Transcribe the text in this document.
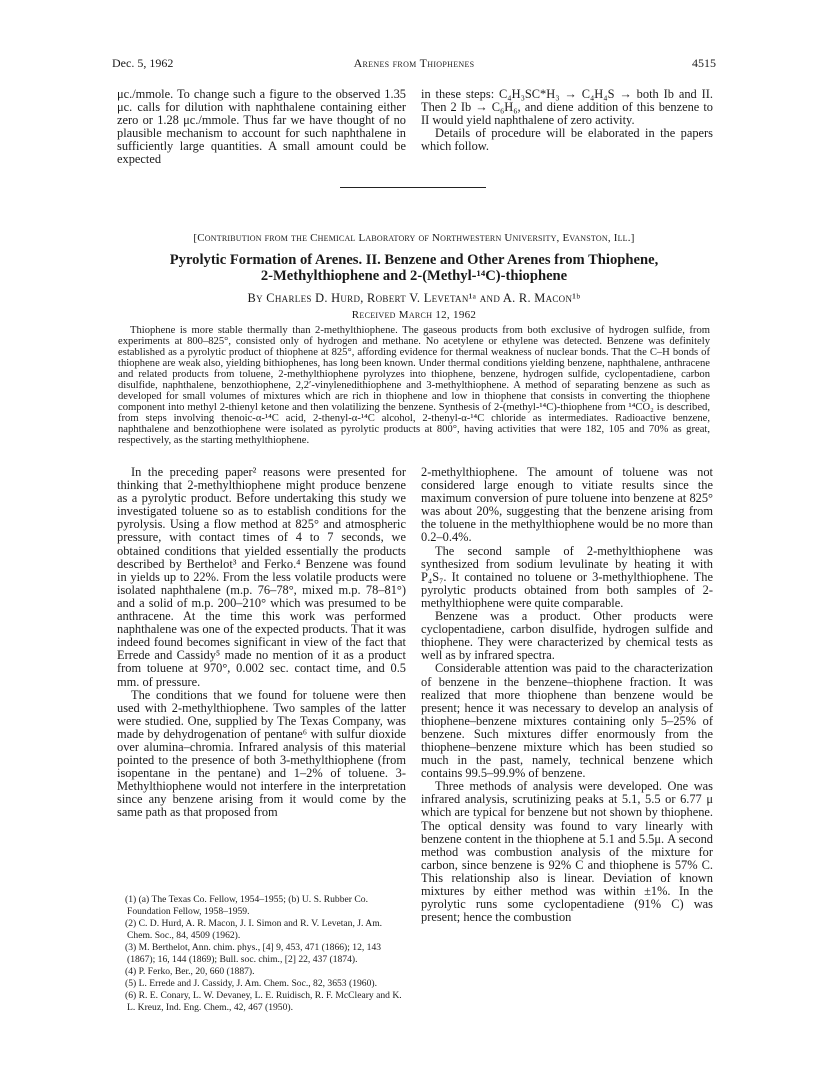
Dec. 5, 1962	Arenes from Thiophenes	4515

μc./mmole. To change such a figure to the observed 1.35 μc. calls for dilution with naphthalene containing either zero or 1.28 μc./mmole. Thus far we have thought of no plausible mechanism to account for such naphthalene in sufficiently large quantities. A small amount could be expected

in these steps: C₄H₃SC*H₃ → C₄H₄S → both Ib and II. Then 2 Ib → C₆H₆, and diene addition of this benzene to II would yield naphthalene of zero activity.

Details of procedure will be elaborated in the papers which follow.

[Contribution from the Chemical Laboratory of Northwestern University, Evanston, Ill.]
Pyrolytic Formation of Arenes. II. Benzene and Other Arenes from Thiophene,
2-Methylthiophene and 2-(Methyl-¹⁴C)-thiophene
By Charles D. Hurd, Robert V. Levetan¹ᵃ and A. R. Macon¹ᵇ
Received March 12, 1962

Thiophene is more stable thermally than 2-methylthiophene. The gaseous products from both exclusive of hydrogen sulfide, from experiments at 800–825°, consisted only of hydrogen and methane. No acetylene or ethylene was detected. Benzene was definitely established as a pyrolytic product of thiophene at 825°, affording evidence for thermal weakness of nuclear bonds. That the C–H bonds of thiophene are weak also, yielding bithiophenes, has long been known. Under thermal conditions yielding benzene, naphthalene, anthracene and related products from toluene, 2-methylthiophene pyrolyzes into thiophene, benzene, hydrogen sulfide, cyclopentadiene, carbon disulfide, naphthalene, benzothiophene, 2,2′-vinylenedithiophene and 3-methylthiophene. A method of separating benzene as such as developed for small volumes of mixtures which are rich in thiophene and low in thiophene that consists in converting the thiophene component into methyl 2-thienyl ketone and then volatilizing the benzene. Synthesis of 2-(methyl-¹⁴C)-thiophene from ¹⁴CO₂ is described, from steps involving thenoic-α-¹⁴C acid, 2-thenyl-α-¹⁴C alcohol, 2-thenyl-α-¹⁴C chloride as intermediates. Radioactive benzene, naphthalene and benzothiophene were isolated as pyrolytic products at 800°, having activities that were 182, 105 and 70% as great, respectively, as the starting methylthiophene.

In the preceding paper² reasons were presented for thinking that 2-methylthiophene might produce benzene as a pyrolytic product. Before undertaking this study we investigated toluene so as to establish conditions for the pyrolysis. Using a flow method at 825° and atmospheric pressure, with contact times of 4 to 7 seconds, we obtained conditions that yielded essentially the products described by Berthelot³ and Ferko.⁴ Benzene was found in yields up to 22%. From the less volatile products were isolated naphthalene (m.p. 76–78°, mixed m.p. 78–81°) and a solid of m.p. 200–210° which was presumed to be anthracene. At the time this work was performed naphthalene was one of the expected products. That it was indeed found becomes significant in view of the fact that Errede and Cassidy⁵ made no mention of it as a product from toluene at 970°, 0.002 sec. contact time, and 0.5 mm. of pressure.

The conditions that we found for toluene were then used with 2-methylthiophene. Two samples of the latter were studied. One, supplied by The Texas Company, was made by dehydrogenation of pentane⁶ with sulfur dioxide over alumina–chromia. Infrared analysis of this material pointed to the presence of both 3-methylthiophene (from isopentane in the pentane) and 1–2% of toluene. 3-Methylthiophene would not interfere in the interpretation since any benzene arising from it would come by the same path as that proposed from

(1) (a) The Texas Co. Fellow, 1954–1955; (b) U. S. Rubber Co. Foundation Fellow, 1958–1959.

(2) C. D. Hurd, A. R. Macon, J. I. Simon and R. V. Levetan, J. Am. Chem. Soc., 84, 4509 (1962).

(3) M. Berthelot, Ann. chim. phys., [4] 9, 453, 471 (1866); 12, 143 (1867); 16, 144 (1869); Bull. soc. chim., [2] 22, 437 (1874).

(4) P. Ferko, Ber., 20, 660 (1887).

(5) L. Errede and J. Cassidy, J. Am. Chem. Soc., 82, 3653 (1960).

(6) R. E. Conary, L. W. Devaney, L. E. Ruidisch, R. F. McCleary and K. L. Kreuz, Ind. Eng. Chem., 42, 467 (1950).

2-methylthiophene. The amount of toluene was not considered large enough to vitiate results since the maximum conversion of pure toluene into benzene at 825° was about 20%, suggesting that the benzene arising from the toluene in the methylthiophene would be no more than 0.2–0.4%.

The second sample of 2-methylthiophene was synthesized from sodium levulinate by heating it with P₄S₇. It contained no toluene or 3-methylthiophene. The pyrolytic products obtained from both samples of 2-methylthiophene were quite comparable.

Benzene was a product. Other products were cyclopentadiene, carbon disulfide, hydrogen sulfide and thiophene. They were characterized by chemical tests as well as by infrared spectra.

Considerable attention was paid to the characterization of benzene in the benzene–thiophene fraction. It was realized that more thiophene than benzene would be present; hence it was necessary to develop an analysis of thiophene–benzene mixtures containing only 5–25% of benzene. Such mixtures differ enormously from the thiophene–benzene mixture which has been studied so much in the past, namely, technical benzene which contains 99.5–99.9% of benzene.

Three methods of analysis were developed. One was infrared analysis, scrutinizing peaks at 5.1, 5.5 or 6.77 μ which are typical for benzene but not shown by thiophene. The optical density was found to vary linearly with benzene content in the thiophene at 5.1 and 5.5μ. A second method was combustion analysis of the mixture for carbon, since benzene is 92% C and thiophene is 57% C. This relationship also is linear. Deviation of known mixtures by either method was within ±1%. In the pyrolytic runs some cyclopentadiene (91% C) was present; hence the combustion
